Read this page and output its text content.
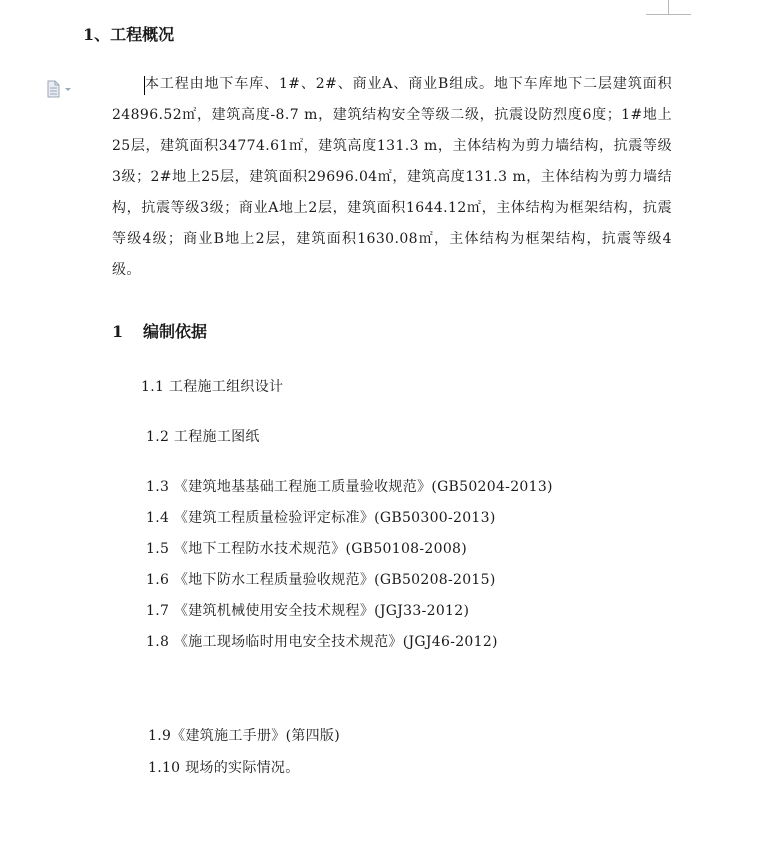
1、工程概况

本工程由地下车库、1#、2#、商业A、商业B组成。地下车库地下二层建筑面积24896.52㎡，建筑高度-8.7 m，建筑结构安全等级二级，抗震设防烈度6度；1#地上25层，建筑面积34774.61㎡，建筑高度131.3 m，主体结构为剪力墙结构，抗震等级3级；2#地上25层，建筑面积29696.04㎡，建筑高度131.3 m，主体结构为剪力墙结构，抗震等级3级；商业A地上2层，建筑面积1644.12㎡，主体结构为框架结构，抗震等级4级；商业B地上2层，建筑面积1630.08㎡，主体结构为框架结构，抗震等级4级。

1 编制依据
1.1 工程施工组织设计
1.2 工程施工图纸
1.3 《建筑地基基础工程施工质量验收规范》(GB50204-2013)
1.4 《建筑工程质量检验评定标准》(GB50300-2013)
1.5 《地下工程防水技术规范》(GB50108-2008)
1.6 《地下防水工程质量验收规范》(GB50208-2015)
1.7 《建筑机械使用安全技术规程》(JGJ33-2012)
1.8 《施工现场临时用电安全技术规范》(JGJ46-2012)
1.9《建筑施工手册》(第四版)
1.10 现场的实际情况。
